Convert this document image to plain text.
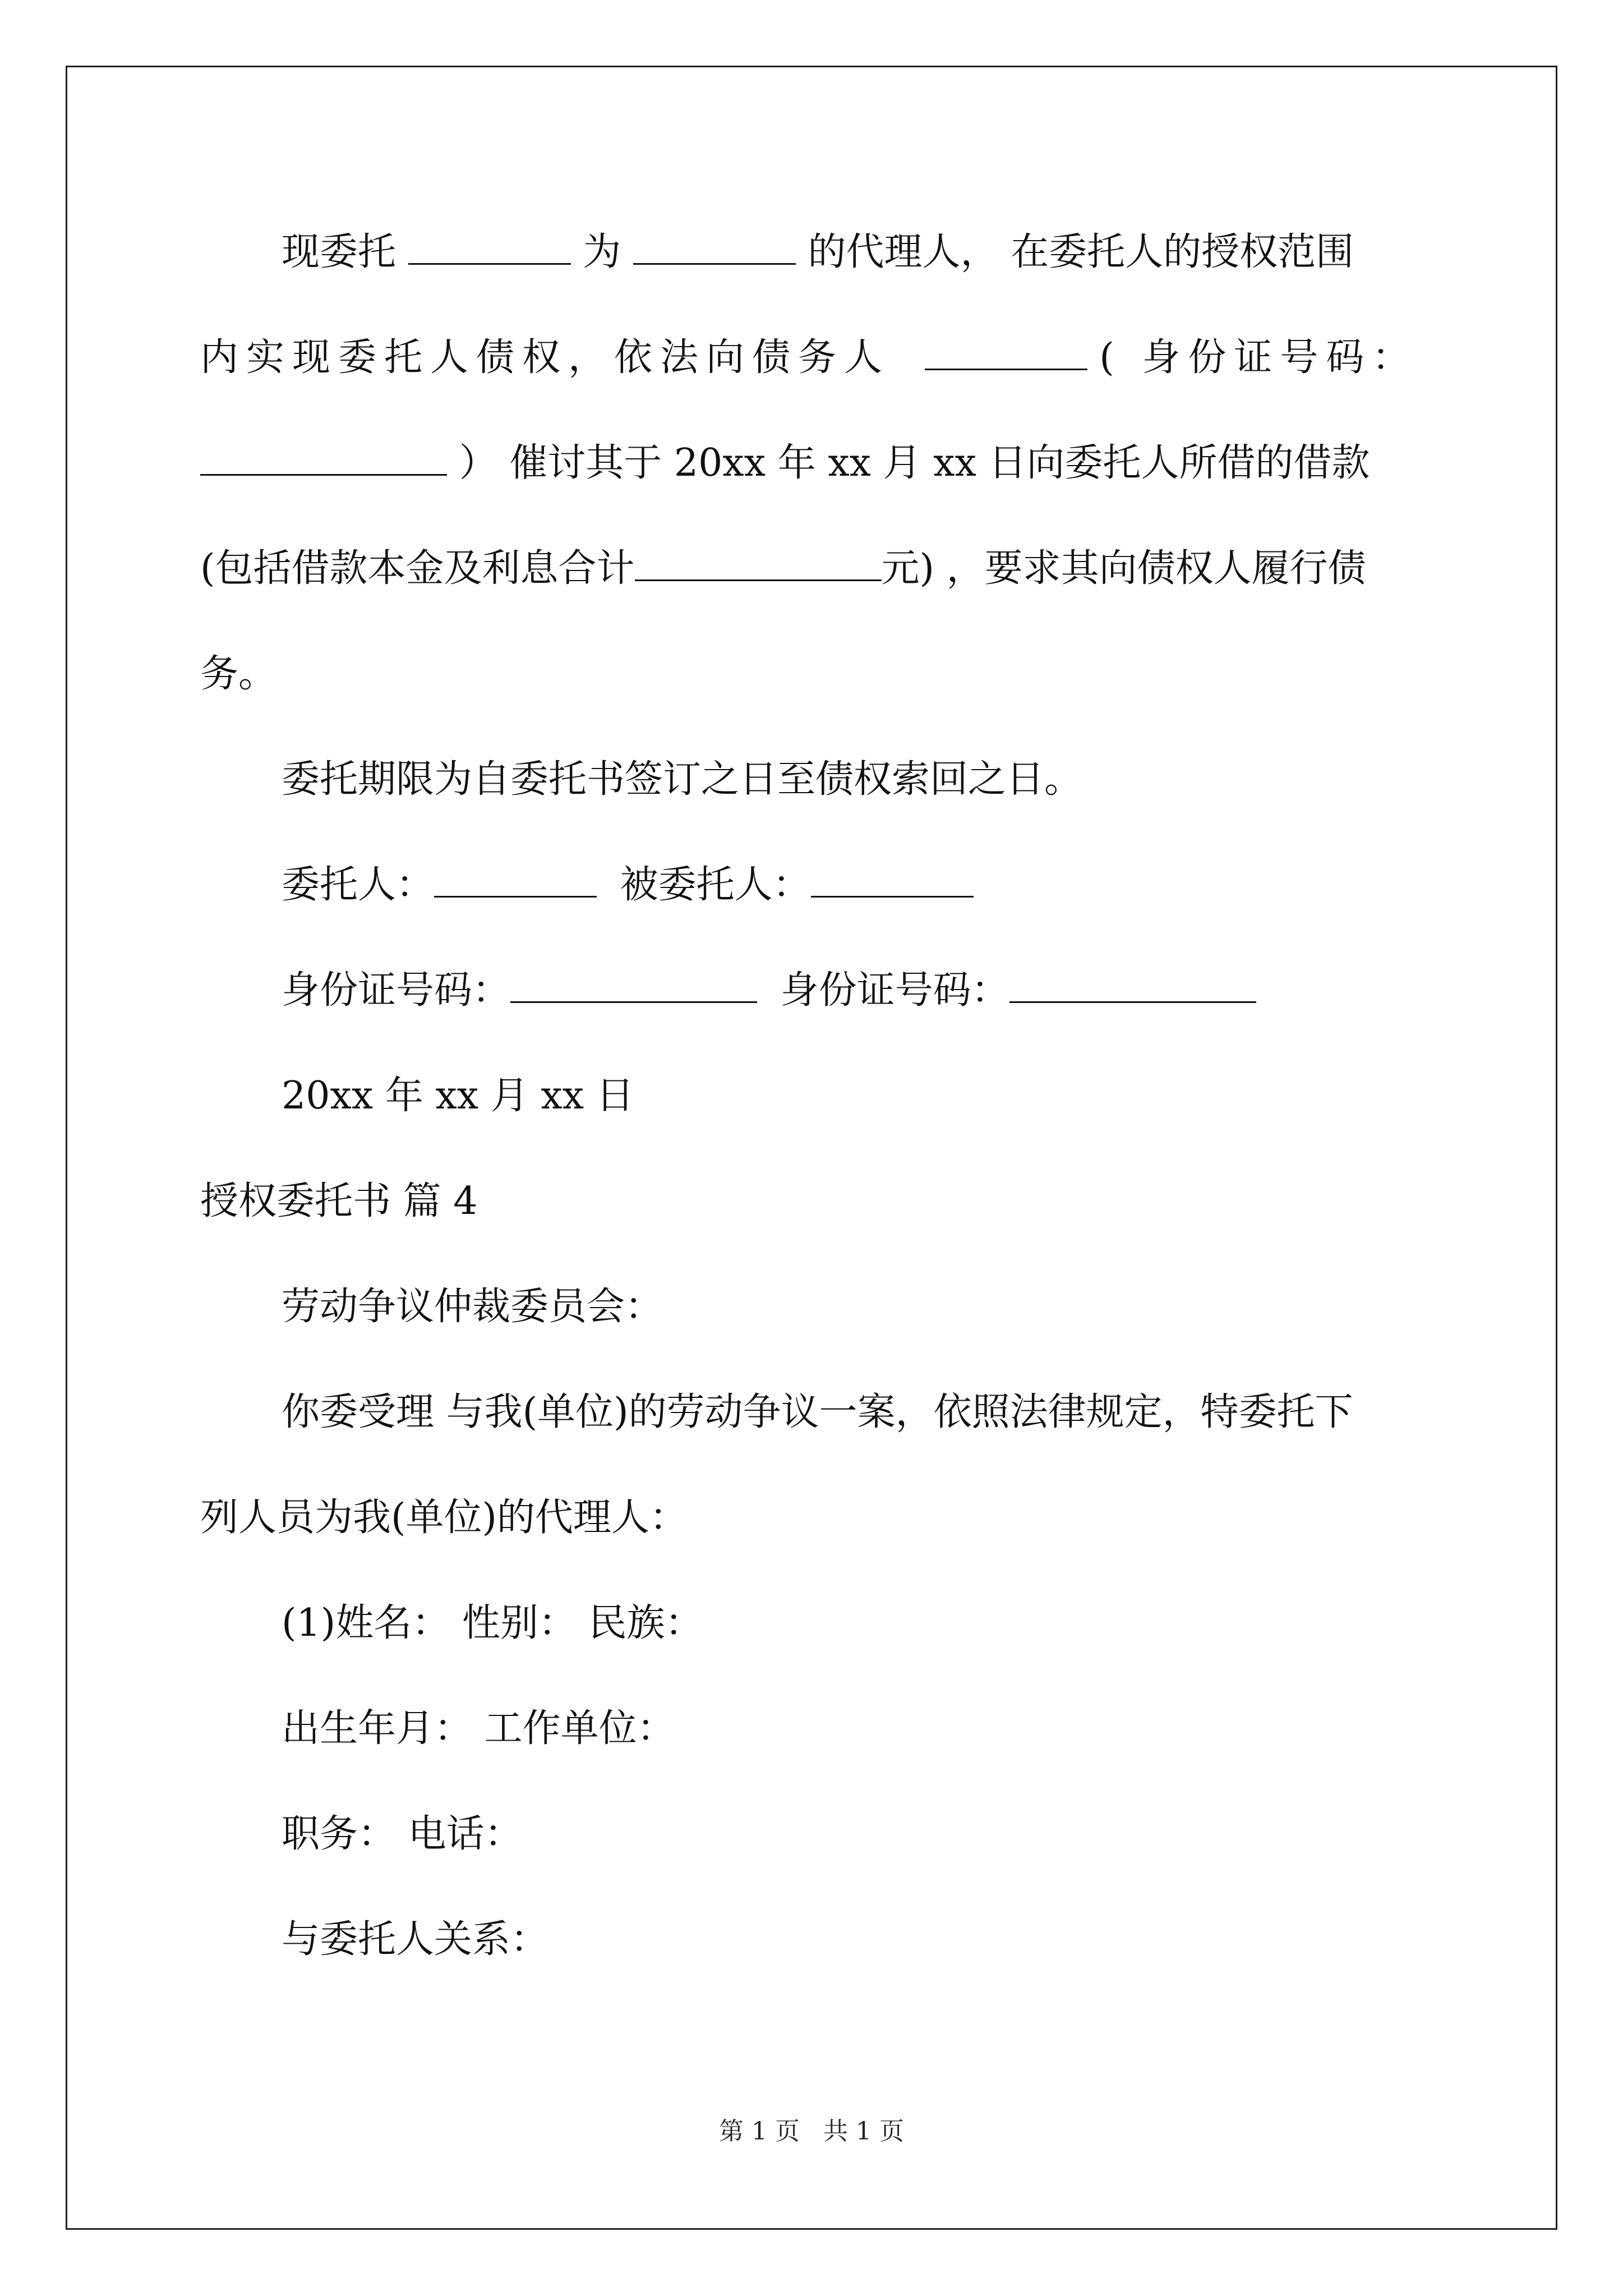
现委托	为	的代理人， 在委托人的授权范围
内实现委托人债权，依法向债务人	( 身份证号码：
） 催讨其于 20xx 年 xx 月 xx 日向委托人所借的借款
(包括借款本金及利息合计	元) ，要求其向债权人履行债
务。
委托期限为自委托书签订之日至债权索回之日。
委托人：	被委托人：
身份证号码：	身份证号码：
20xx 年 xx 月 xx 日
授权委托书 篇 4
劳动争议仲裁委员会：
你委受理 与我(单位)的劳动争议一案，依照法律规定，特委托下
列人员为我(单位)的代理人：
(1)姓名： 性别： 民族：
出生年月： 工作单位：
职务： 电话：
与委托人关系：
第 1 页 共 1 页
